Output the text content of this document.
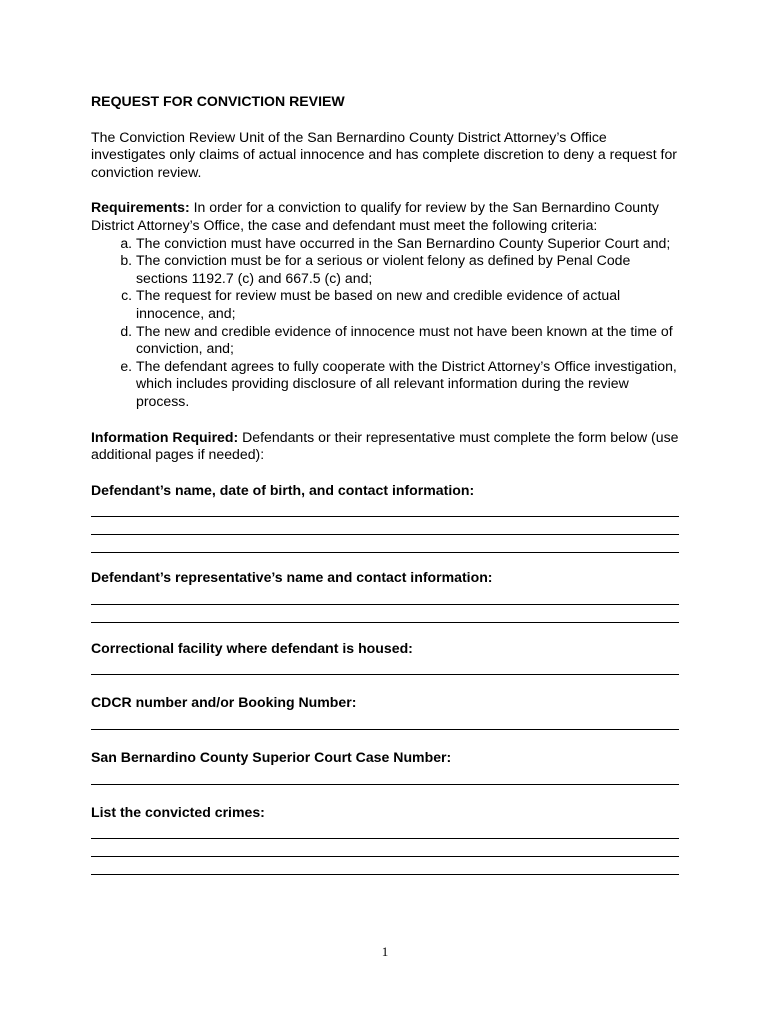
REQUEST FOR CONVICTION REVIEW

The Conviction Review Unit of the San Bernardino County District Attorney’s Office investigates only claims of actual innocence and has complete discretion to deny a request for conviction review.

Requirements: In order for a conviction to qualify for review by the San Bernardino County District Attorney’s Office, the case and defendant must meet the following criteria:

a. The conviction must have occurred in the San Bernardino County Superior Court and;
b. The conviction must be for a serious or violent felony as defined by Penal Code sections 1192.7 (c) and 667.5 (c) and;
c. The request for review must be based on new and credible evidence of actual innocence, and;
d. The new and credible evidence of innocence must not have been known at the time of conviction, and;
e. The defendant agrees to fully cooperate with the District Attorney’s Office investigation, which includes providing disclosure of all relevant information during the review process.

Information Required: Defendants or their representative must complete the form below (use additional pages if needed):

Defendant’s name, date of birth, and contact information:

Defendant’s representative’s name and contact information:

Correctional facility where defendant is housed:

CDCR number and/or Booking Number:

San Bernardino County Superior Court Case Number:

List the convicted crimes:

1
